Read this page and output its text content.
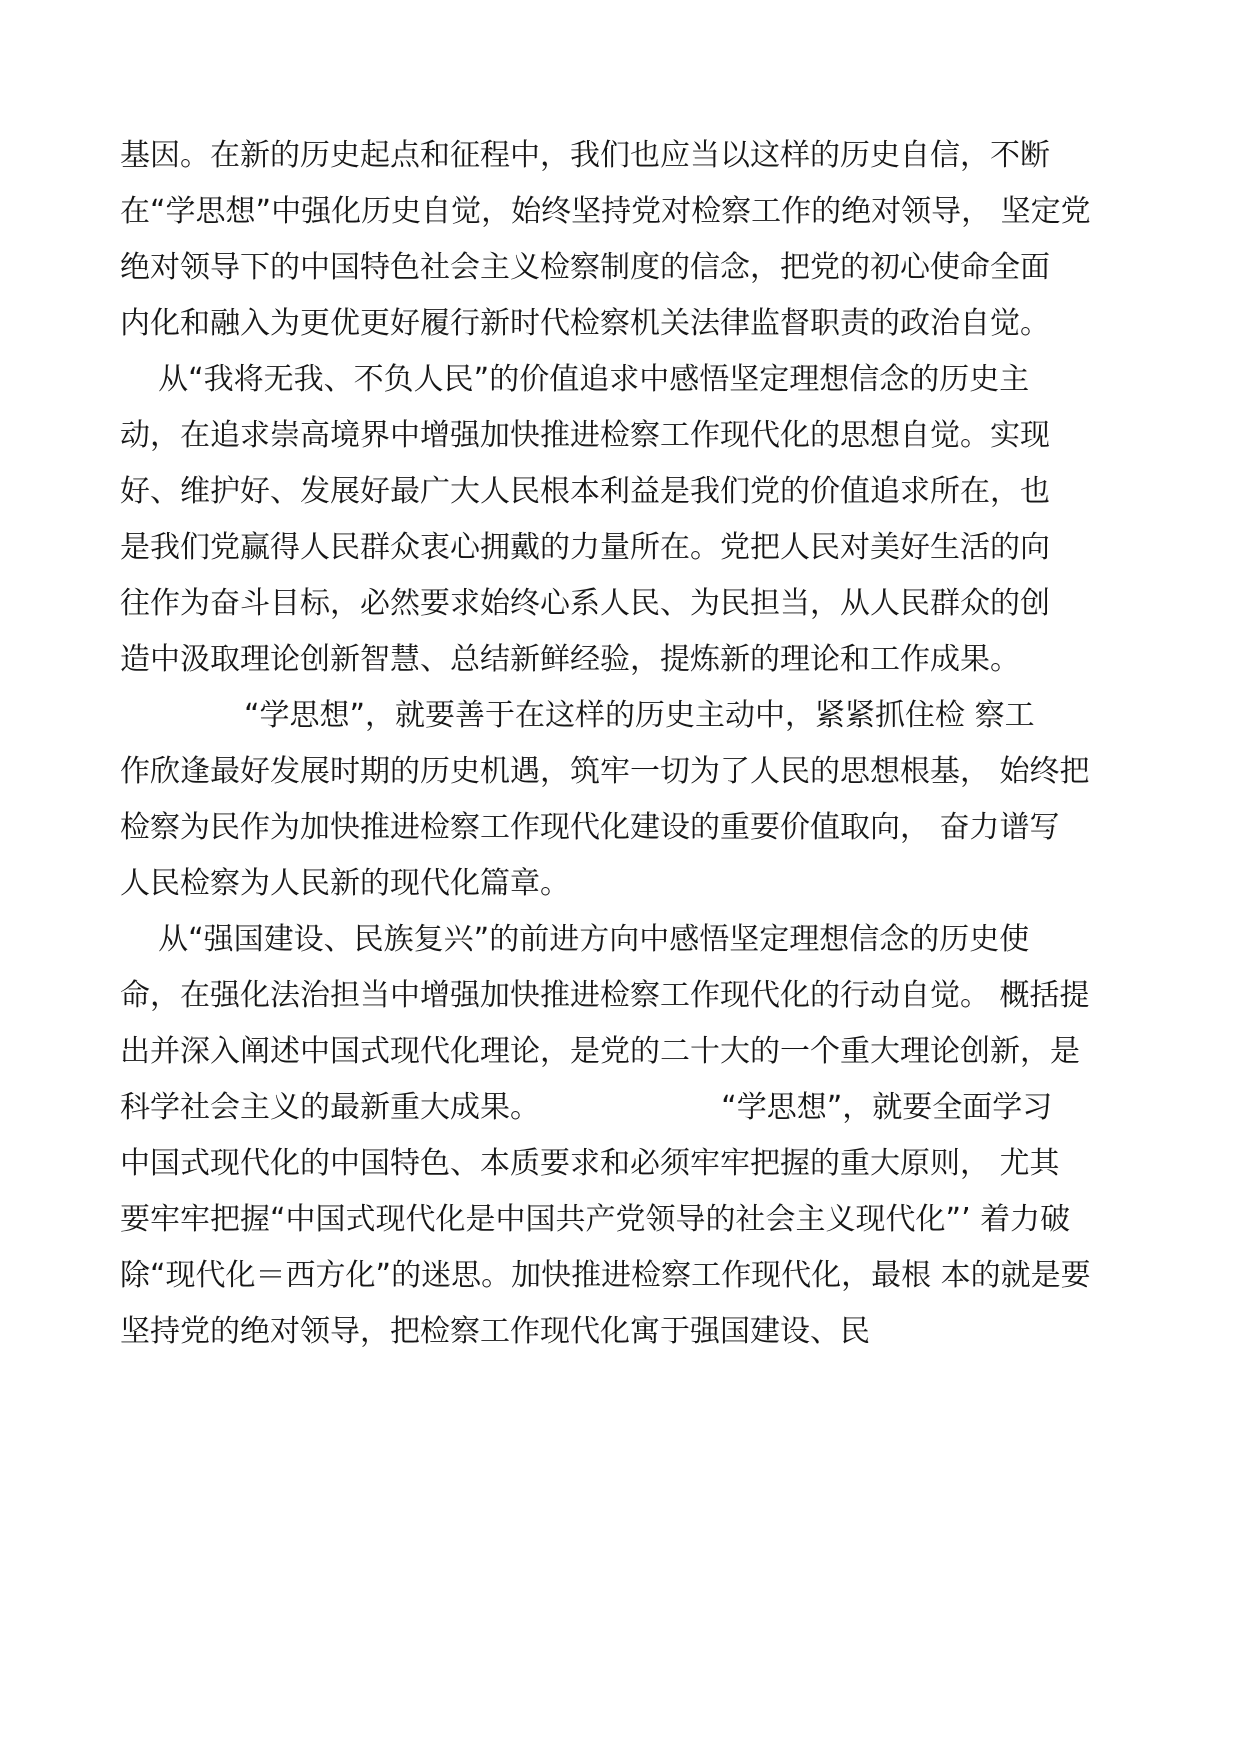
基因。在新的历史起点和征程中，我们也应当以这样的历史自信，不断
在“学思想”中强化历史自觉，始终坚持党对检察工作的绝对领导， 坚定党
绝对领导下的中国特色社会主义检察制度的信念，把党的初心使命全面
内化和融入为更优更好履行新时代检察机关法律监督职责的政治自觉。
从“我将无我、不负人民”的价值追求中感悟坚定理想信念的历史主
动，在追求崇高境界中增强加快推进检察工作现代化的思想自觉。实现
好、维护好、发展好最广大人民根本利益是我们党的价值追求所在，也
是我们党赢得人民群众衷心拥戴的力量所在。党把人民对美好生活的向
往作为奋斗目标，必然要求始终心系人民、为民担当，从人民群众的创
造中汲取理论创新智慧、总结新鲜经验，提炼新的理论和工作成果。
“学思想”，就要善于在这样的历史主动中，紧紧抓住检 察工
作欣逢最好发展时期的历史机遇，筑牢一切为了人民的思想根基， 始终把
检察为民作为加快推进检察工作现代化建设的重要价值取向， 奋力谱写
人民检察为人民新的现代化篇章。
从“强国建设、民族复兴”的前进方向中感悟坚定理想信念的历史使
命，在强化法治担当中增强加快推进检察工作现代化的行动自觉。 概括提
出并深入阐述中国式现代化理论，是党的二十大的一个重大理论创新，是
科学社会主义的最新重大成果。                   “学思想”，就要全面学习
中国式现代化的中国特色、本质要求和必须牢牢把握的重大原则， 尤其
要牢牢把握“中国式现代化是中国共产党领导的社会主义现代化”’ 着力破
除“现代化＝西方化”的迷思。加快推进检察工作现代化，最根 本的就是要
坚持党的绝对领导，把检察工作现代化寓于强国建设、民
